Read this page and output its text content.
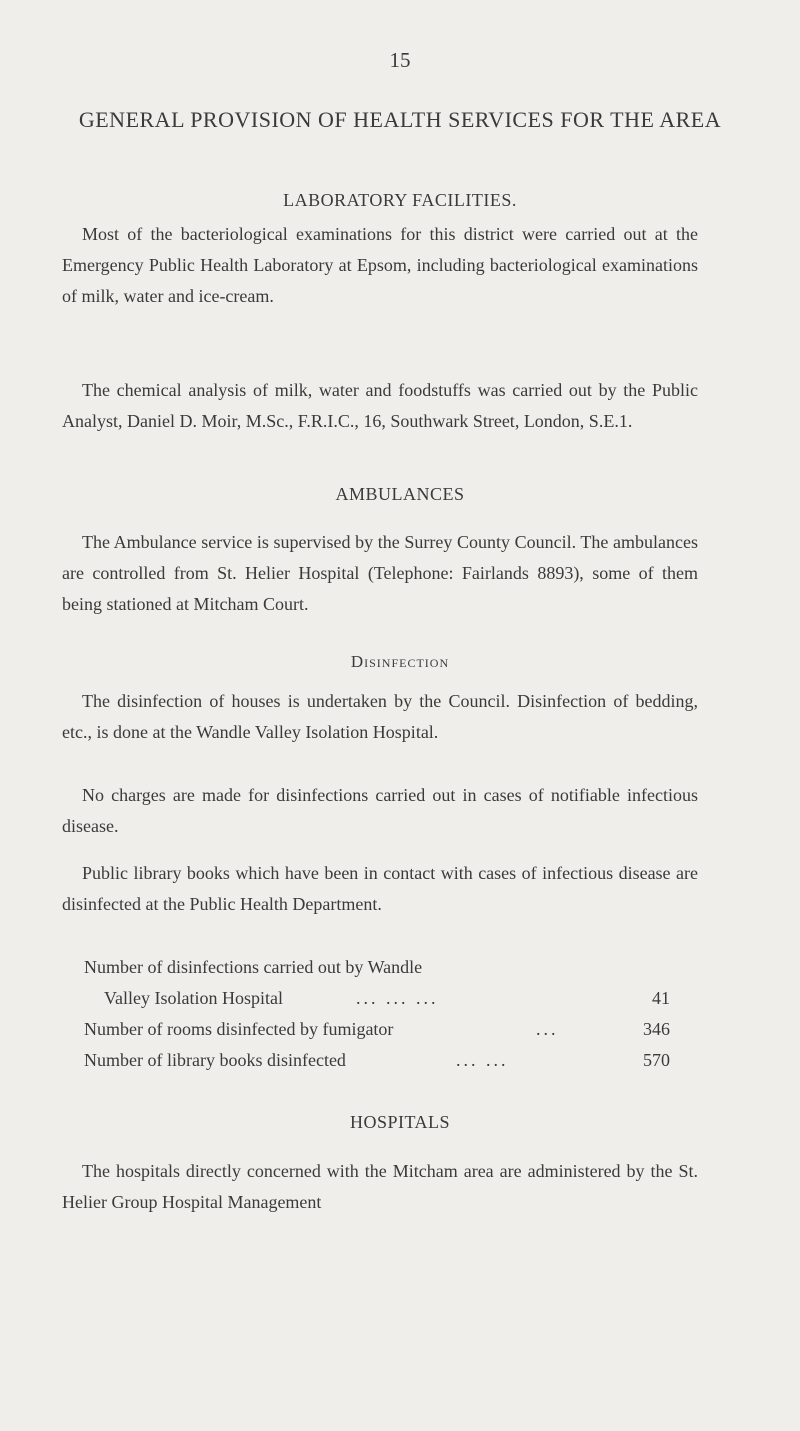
15
GENERAL PROVISION OF HEALTH SERVICES FOR THE AREA
LABORATORY FACILITIES.

Most of the bacteriological examinations for this district were carried out at the Emergency Public Health Laboratory at Epsom, including bacteriological examinations of milk, water and ice-cream.

The chemical analysis of milk, water and foodstuffs was carried out by the Public Analyst, Daniel D. Moir, M.Sc., F.R.I.C., 16, Southwark Street, London, S.E.1.

AMBULANCES

The Ambulance service is supervised by the Surrey County Council. The ambulances are controlled from St. Helier Hospital (Telephone: Fairlands 8893), some of them being stationed at Mitcham Court.

Disinfection

The disinfection of houses is undertaken by the Council. Disinfection of bedding, etc., is done at the Wandle Valley Isolation Hospital.

No charges are made for disinfections carried out in cases of notifiable infectious disease.

Public library books which have been in contact with cases of infectious disease are disinfected at the Public Health Department.

Number of disinfections carried out by Wandle
Valley Isolation Hospital	... ... ...	41
Number of rooms disinfected by fumigator	...	346
Number of library books disinfected	... ...	570
HOSPITALS

The hospitals directly concerned with the Mitcham area are administered by the St. Helier Group Hospital Management
